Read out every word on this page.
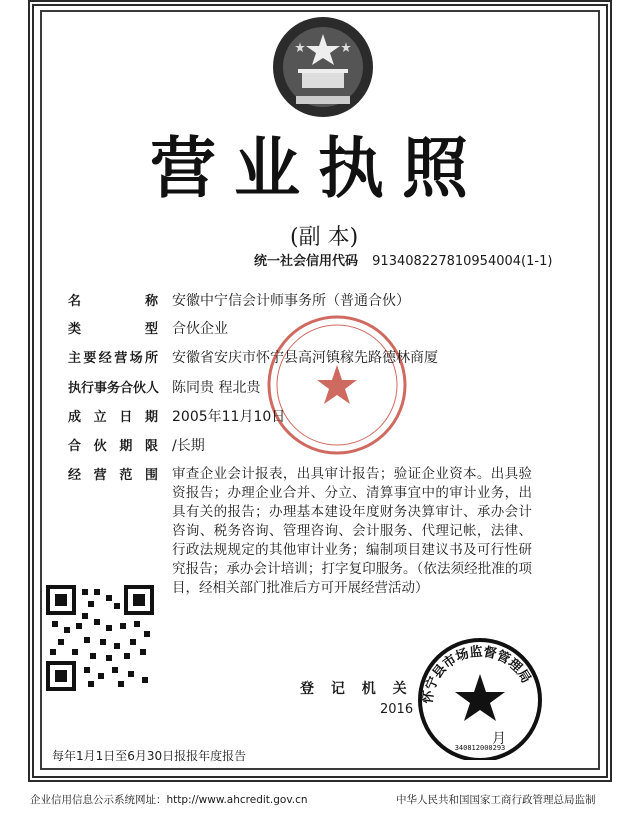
营业执照
(副 本)
统一社会信用代码 913408227810954004(1-1)
名 称 安徽中宁信会计师事务所（普通合伙）
类 型 合伙企业
主要经营场所 安徽省安庆市怀宁县高河镇稼先路德林商厦
执行事务合伙人 陈同贵 程北贵
成 立 日 期 2005年11月10日
合 伙 期 限 /长期
经 营 范 围 审查企业会计报表，出具审计报告；验证企业资本。出具验资报告；办理企业合并、分立、清算事宜中的审计业务，出具有关的报告；办理基本建设年度财务决算审计、承办会计咨询、税务咨询、管理咨询、会计服务、代理记帐，法律、行政法规规定的其他审计业务；编制项目建议书及可行性研究报告；承办会计培训；打字复印服务。（依法须经批准的项目，经相关部门批准后方可开展经营活动）
登 记 机 关
2016
月
怀宁县市场监督管理局
340812000293
每年1月1日至6月30日报报年度报告
企业信用信息公示系统网址：http://www.ahcredit.gov.cn	中华人民共和国国家工商行政管理总局监制
